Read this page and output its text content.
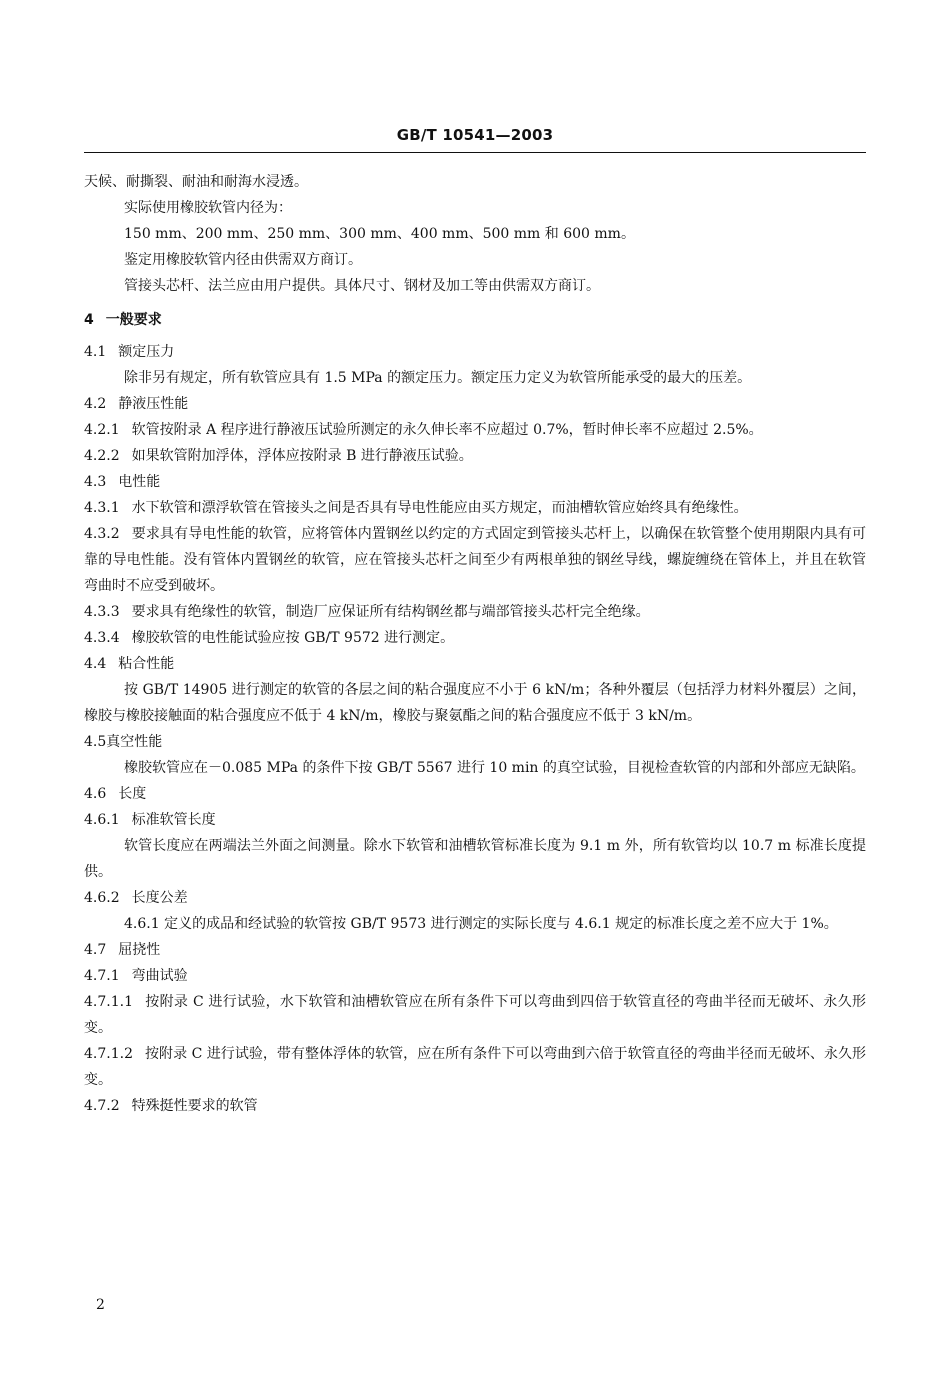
GB/T 10541—2003

天候、耐撕裂、耐油和耐海水浸透。

实际使用橡胶软管内径为：

150 mm、200 mm、250 mm、300 mm、400 mm、500 mm 和 600 mm。

鉴定用橡胶软管内径由供需双方商订。

管接头芯杆、法兰应由用户提供。具体尺寸、钢材及加工等由供需双方商订。

4 一般要求

4.1 额定压力

除非另有规定，所有软管应具有 1.5 MPa 的额定压力。额定压力定义为软管所能承受的最大的压差。

4.2 静液压性能

4.2.1 软管按附录 A 程序进行静液压试验所测定的永久伸长率不应超过 0.7%，暂时伸长率不应超过 2.5%。

4.2.2 如果软管附加浮体，浮体应按附录 B 进行静液压试验。

4.3 电性能

4.3.1 水下软管和漂浮软管在管接头之间是否具有导电性能应由买方规定，而油槽软管应始终具有绝缘性。

4.3.2 要求具有导电性能的软管，应将管体内置钢丝以约定的方式固定到管接头芯杆上，以确保在软管整个使用期限内具有可靠的导电性能。没有管体内置钢丝的软管，应在管接头芯杆之间至少有两根单独的钢丝导线，螺旋缠绕在管体上，并且在软管弯曲时不应受到破坏。

4.3.3 要求具有绝缘性的软管，制造厂应保证所有结构钢丝都与端部管接头芯杆完全绝缘。

4.3.4 橡胶软管的电性能试验应按 GB/T 9572 进行测定。

4.4 粘合性能

按 GB/T 14905 进行测定的软管的各层之间的粘合强度应不小于 6 kN/m；各种外覆层（包括浮力材料外覆层）之间，橡胶与橡胶接触面的粘合强度应不低于 4 kN/m，橡胶与聚氨酯之间的粘合强度应不低于 3 kN/m。

4.5真空性能

橡胶软管应在－0.085 MPa 的条件下按 GB/T 5567 进行 10 min 的真空试验，目视检查软管的内部和外部应无缺陷。

4.6 长度

4.6.1 标准软管长度

软管长度应在两端法兰外面之间测量。除水下软管和油槽软管标准长度为 9.1 m 外，所有软管均以 10.7 m 标准长度提供。

4.6.2 长度公差

4.6.1 定义的成品和经试验的软管按 GB/T 9573 进行测定的实际长度与 4.6.1 规定的标准长度之差不应大于 1%。

4.7 屈挠性

4.7.1 弯曲试验

4.7.1.1 按附录 C 进行试验，水下软管和油槽软管应在所有条件下可以弯曲到四倍于软管直径的弯曲半径而无破坏、永久形变。

4.7.1.2 按附录 C 进行试验，带有整体浮体的软管，应在所有条件下可以弯曲到六倍于软管直径的弯曲半径而无破坏、永久形变。

4.7.2 特殊挺性要求的软管

2
